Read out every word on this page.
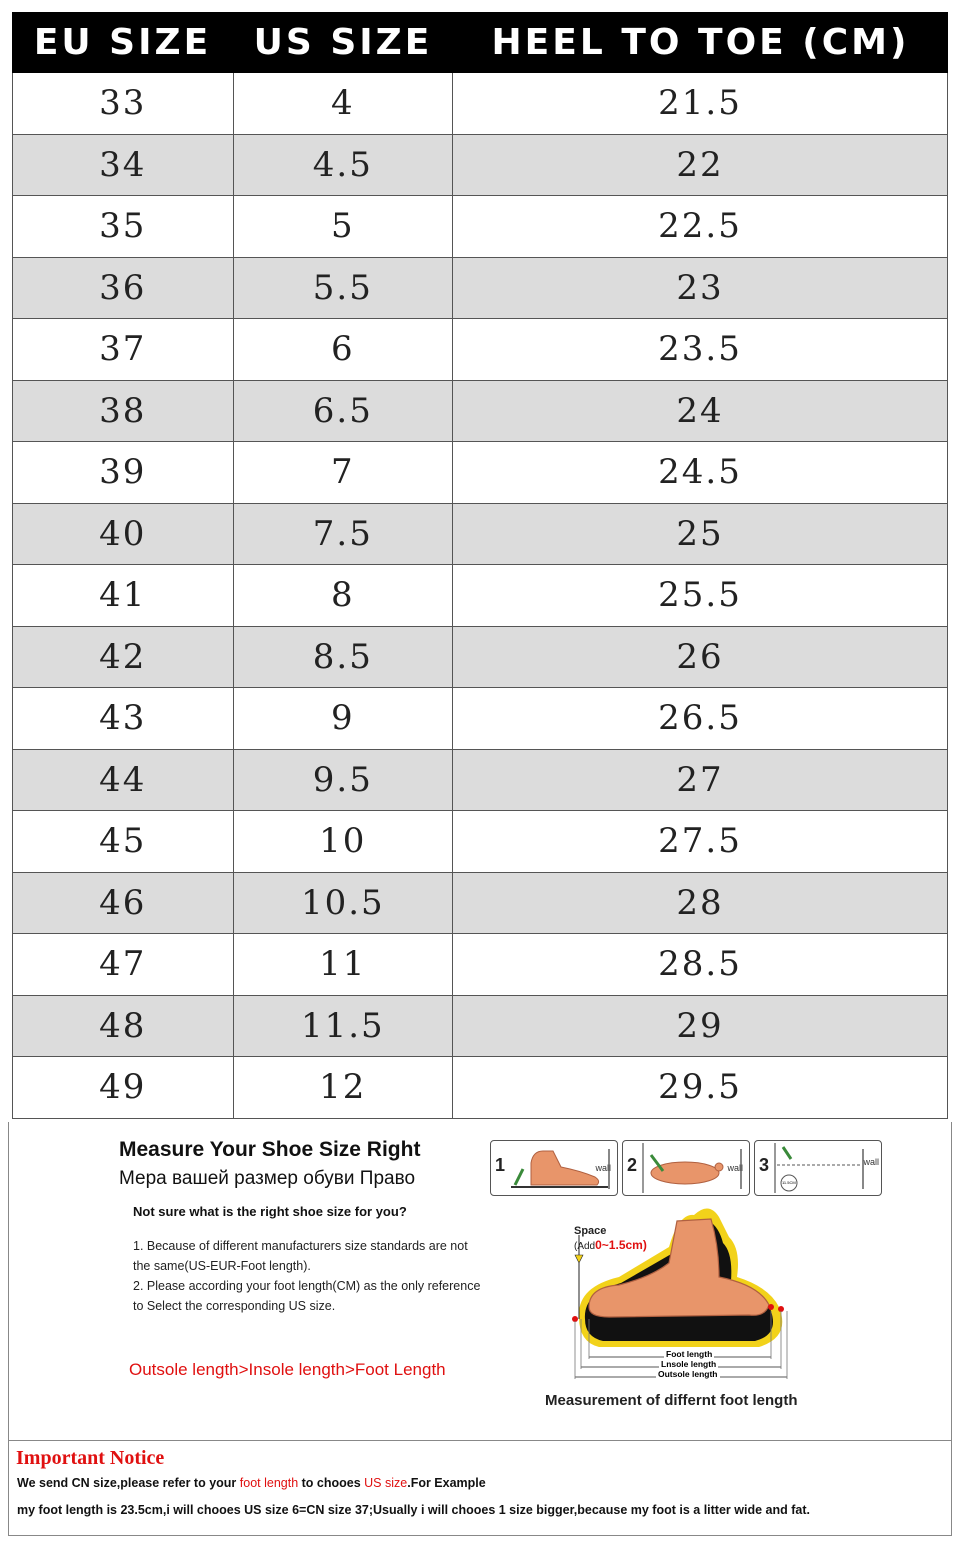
EU SIZE	US SIZE	HEEL TO TOE (CM)
33	4	21.5
34	4.5	22
35	5	22.5
36	5.5	23
37	6	23.5
38	6.5	24
39	7	24.5
40	7.5	25
41	8	25.5
42	8.5	26
43	9	26.5
44	9.5	27
45	10	27.5
46	10.5	28
47	11	28.5
48	11.5	29
49	12	29.5
Measure Your Shoe Size Right
Мера вашей размер обуви Право
Not sure what is the right shoe size for you?
1. Because of different manufacturers size standards are not the same(US-EUR-Foot length).
2. Please according your foot length(CM) as the only reference to Select the corresponding US size.
Outsole length>Insole length>Foot Length
1	wall 2	wall 3	wall
11.5CM
Space
(Add0~1.5cm)
Foot length
Lnsole length
Outsole length
Measurement of differnt foot length
Important Notice
We send CN size,please refer to your foot length to chooes US size.For Example
my foot length is 23.5cm,i will chooes US size 6=CN size 37;Usually i will chooes 1 size bigger,because my foot is a litter wide and fat.
